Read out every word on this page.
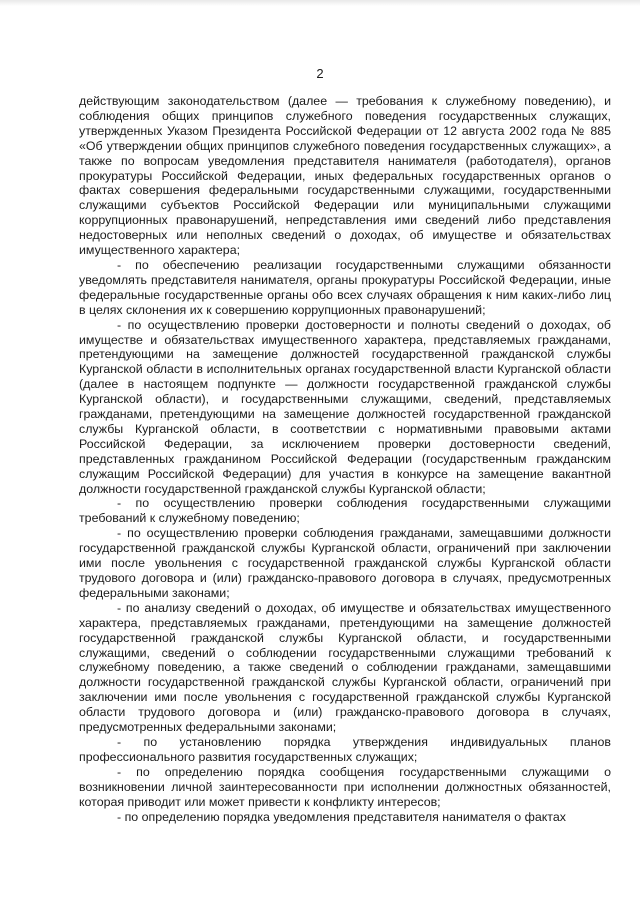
2

действующим законодательством (далее — требования к служебному поведению), и соблюдения общих принципов служебного поведения государственных служащих, утвержденных Указом Президента Российской Федерации от 12 августа 2002 года № 885 «Об утверждении общих принципов служебного поведения государственных служащих», а также по вопросам уведомления представителя нанимателя (работодателя), органов прокуратуры Российской Федерации, иных федеральных государственных органов о фактах совершения федеральными государственными служащими, государственными служащими субъектов Российской Федерации или муниципальными служащими коррупционных правонарушений, непредставления ими сведений либо представления недостоверных или неполных сведений о доходах, об имуществе и обязательствах имущественного характера;

- по обеспечению реализации государственными служащими обязанности уведомлять представителя нанимателя, органы прокуратуры Российской Федерации, иные федеральные государственные органы обо всех случаях обращения к ним каких-либо лиц в целях склонения их к совершению коррупционных правонарушений;

- по осуществлению проверки достоверности и полноты сведений о доходах, об имуществе и обязательствах имущественного характера, представляемых гражданами, претендующими на замещение должностей государственной гражданской службы Курганской области в исполнительных органах государственной власти Курганской области (далее в настоящем подпункте — должности государственной гражданской службы Курганской области), и государственными служащими, сведений, представляемых гражданами, претендующими на замещение должностей государственной гражданской службы Курганской области, в соответствии с нормативными правовыми актами Российской Федерации, за исключением проверки достоверности сведений, представленных гражданином Российской Федерации (государственным гражданским служащим Российской Федерации) для участия в конкурсе на замещение вакантной должности государственной гражданской службы Курганской области;

- по осуществлению проверки соблюдения государственными служащими требований к служебному поведению;

- по осуществлению проверки соблюдения гражданами, замещавшими должности государственной гражданской службы Курганской области, ограничений при заключении ими после увольнения с государственной гражданской службы Курганской области трудового договора и (или) гражданско-правового договора в случаях, предусмотренных федеральными законами;

- по анализу сведений о доходах, об имуществе и обязательствах имущественного характера, представляемых гражданами, претендующими на замещение должностей государственной гражданской службы Курганской области, и государственными служащими, сведений о соблюдении государственными служащими требований к служебному поведению, а также сведений о соблюдении гражданами, замещавшими должности государственной гражданской службы Курганской области, ограничений при заключении ими после увольнения с государственной гражданской службы Курганской области трудового договора и (или) гражданско-правового договора в случаях, предусмотренных федеральными законами;

- по установлению порядка утверждения индивидуальных планов профессионального развития государственных служащих;

- по определению порядка сообщения государственными служащими о возникновении личной заинтересованности при исполнении должностных обязанностей, которая приводит или может привести к конфликту интересов;

- по определению порядка уведомления представителя нанимателя о фактах
